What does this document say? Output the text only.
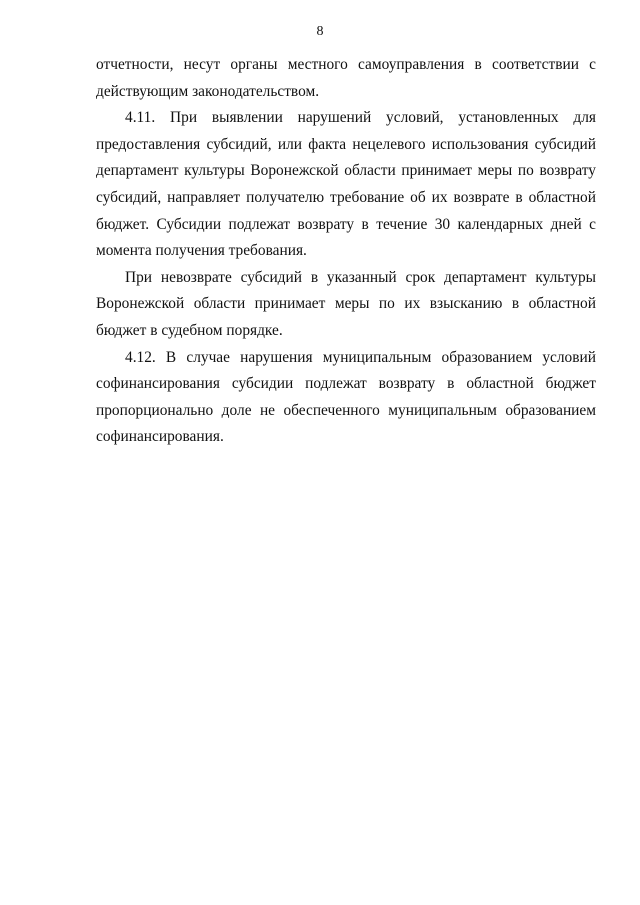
8

отчетности, несут органы местного самоуправления в соответствии с действующим законодательством.

4.11. При выявлении нарушений условий, установленных для предоставления субсидий, или факта нецелевого использования субсидий департамент культуры Воронежской области принимает меры по возврату субсидий, направляет получателю требование об их возврате в областной бюджет. Субсидии подлежат возврату в течение 30 календарных дней с момента получения требования.

При невозврате субсидий в указанный срок департамент культуры Воронежской области принимает меры по их взысканию в областной бюджет в судебном порядке.

4.12. В случае нарушения муниципальным образованием условий софинансирования субсидии подлежат возврату в областной бюджет пропорционально доле не обеспеченного муниципальным образованием софинансирования.
